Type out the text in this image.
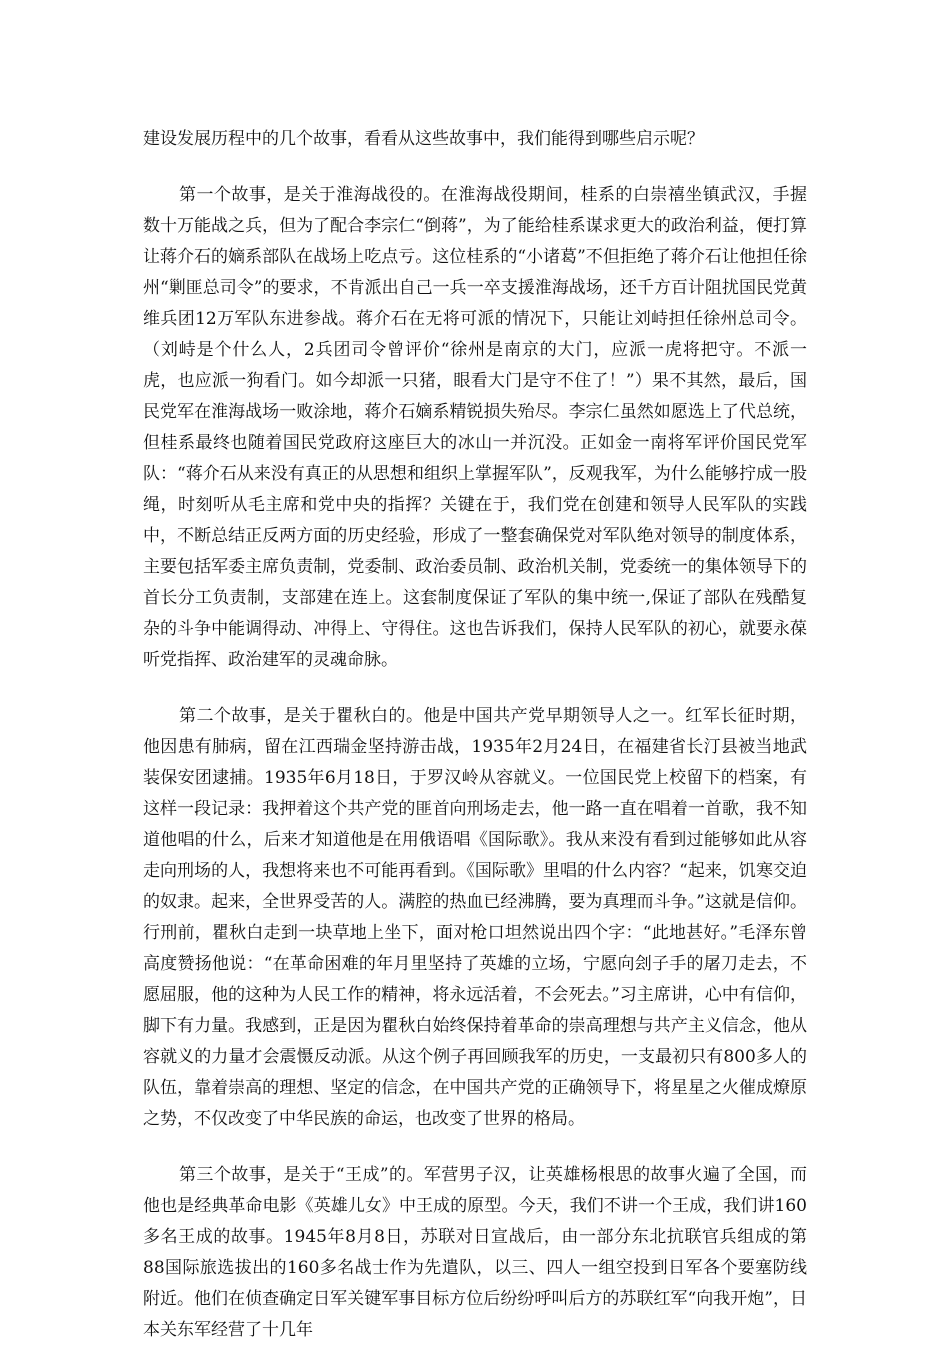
建设发展历程中的几个故事，看看从这些故事中，我们能得到哪些启示呢？

第一个故事，是关于淮海战役的。在淮海战役期间，桂系的白崇禧坐镇武汉，手握数十万能战之兵，但为了配合李宗仁“倒蒋”，为了能给桂系谋求更大的政治利益，便打算让蒋介石的嫡系部队在战场上吃点亏。这位桂系的“小诸葛”不但拒绝了蒋介石让他担任徐州“剿匪总司令”的要求，不肯派出自己一兵一卒支援淮海战场，还千方百计阻扰国民党黄维兵团12万军队东进参战。蒋介石在无将可派的情况下，只能让刘峙担任徐州总司令。（刘峙是个什么人，2兵团司令曾评价“徐州是南京的大门，应派一虎将把守。不派一虎，也应派一狗看门。如今却派一只猪，眼看大门是守不住了！”）果不其然，最后，国民党军在淮海战场一败涂地，蒋介石嫡系精锐损失殆尽。李宗仁虽然如愿选上了代总统，但桂系最终也随着国民党政府这座巨大的冰山一并沉没。正如金一南将军评价国民党军队：“蒋介石从来没有真正的从思想和组织上掌握军队”，反观我军，为什么能够拧成一股绳，时刻听从毛主席和党中央的指挥？关键在于，我们党在创建和领导人民军队的实践中，不断总结正反两方面的历史经验，形成了一整套确保党对军队绝对领导的制度体系，主要包括军委主席负责制，党委制、政治委员制、政治机关制，党委统一的集体领导下的首长分工负责制，支部建在连上。这套制度保证了军队的集中统一,保证了部队在残酷复杂的斗争中能调得动、冲得上、守得住。这也告诉我们，保持人民军队的初心，就要永葆听党指挥、政治建军的灵魂命脉。

第二个故事，是关于瞿秋白的。他是中国共产党早期领导人之一。红军长征时期，他因患有肺病，留在江西瑞金坚持游击战，1935年2月24日，在福建省长汀县被当地武装保安团逮捕。1935年6月18日，于罗汉岭从容就义。一位国民党上校留下的档案，有这样一段记录：我押着这个共产党的匪首向刑场走去，他一路一直在唱着一首歌，我不知道他唱的什么，后来才知道他是在用俄语唱《国际歌》。我从来没有看到过能够如此从容走向刑场的人，我想将来也不可能再看到。《国际歌》里唱的什么内容？“起来，饥寒交迫的奴隶。起来，全世界受苦的人。满腔的热血已经沸腾，要为真理而斗争。”这就是信仰。行刑前，瞿秋白走到一块草地上坐下，面对枪口坦然说出四个字：“此地甚好。”毛泽东曾高度赞扬他说：“在革命困难的年月里坚持了英雄的立场，宁愿向刽子手的屠刀走去，不愿屈服，他的这种为人民工作的精神，将永远活着，不会死去。”习主席讲，心中有信仰，脚下有力量。我感到，正是因为瞿秋白始终保持着革命的崇高理想与共产主义信念，他从容就义的力量才会震慑反动派。从这个例子再回顾我军的历史，一支最初只有800多人的队伍，靠着崇高的理想、坚定的信念，在中国共产党的正确领导下，将星星之火催成燎原之势，不仅改变了中华民族的命运，也改变了世界的格局。

第三个故事，是关于“王成”的。军营男子汉，让英雄杨根思的故事火遍了全国，而他也是经典革命电影《英雄儿女》中王成的原型。今天，我们不讲一个王成，我们讲160多名王成的故事。1945年8月8日，苏联对日宣战后，由一部分东北抗联官兵组成的第88国际旅选拔出的160多名战士作为先遣队，以三、四人一组空投到日军各个要塞防线附近。他们在侦查确定日军关键军事目标方位后纷纷呼叫后方的苏联红军“向我开炮”，日本关东军经营了十几年
